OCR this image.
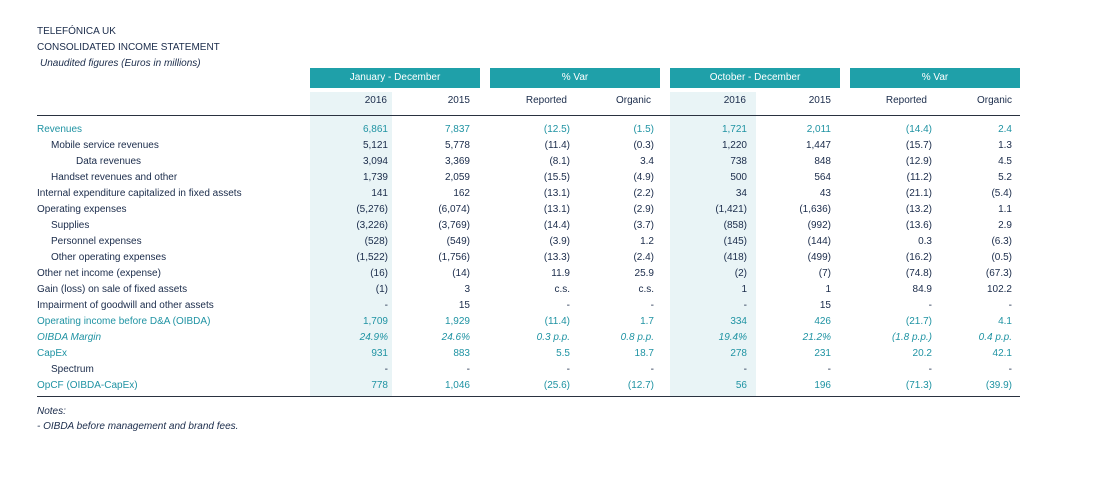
TELEFÓNICA UK
CONSOLIDATED INCOME STATEMENT
Unaudited figures (Euros in millions)
January - December	% Var	October - December	% Var
2016	2015	Reported	Organic	2016	2015	Reported	Organic
Revenues	6,861	7,837	(12.5)	(1.5)	1,721	2,011	(14.4)	2.4
Mobile service revenues	5,121	5,778	(11.4)	(0.3)	1,220	1,447	(15.7)	1.3
Data revenues	3,094	3,369	(8.1)	3.4	738	848	(12.9)	4.5
Handset revenues and other	1,739	2,059	(15.5)	(4.9)	500	564	(11.2)	5.2
Internal expenditure capitalized in fixed assets	141	162	(13.1)	(2.2)	34	43	(21.1)	(5.4)
Operating expenses	(5,276)	(6,074)	(13.1)	(2.9)	(1,421)	(1,636)	(13.2)	1.1
Supplies	(3,226)	(3,769)	(14.4)	(3.7)	(858)	(992)	(13.6)	2.9
Personnel expenses	(528)	(549)	(3.9)	1.2	(145)	(144)	0.3	(6.3)
Other operating expenses	(1,522)	(1,756)	(13.3)	(2.4)	(418)	(499)	(16.2)	(0.5)
Other net income (expense)	(16)	(14)	11.9	25.9	(2)	(7)	(74.8)	(67.3)
Gain (loss) on sale of fixed assets	(1)	3	c.s.	c.s.	1	1	84.9	102.2
Impairment of goodwill and other assets	-	15	-	-	-	15	-	-
Operating income before D&A (OIBDA)	1,709	1,929	(11.4)	1.7	334	426	(21.7)	4.1
OIBDA Margin	24.9%	24.6%	0.3 p.p.	0.8 p.p.	19.4%	21.2%	(1.8 p.p.)	0.4 p.p.
CapEx	931	883	5.5	18.7	278	231	20.2	42.1
Spectrum	-	-	-	-	-	-	-	-
OpCF (OIBDA-CapEx)	778	1,046	(25.6)	(12.7)	56	196	(71.3)	(39.9)
Notes:
- OIBDA before management and brand fees.
